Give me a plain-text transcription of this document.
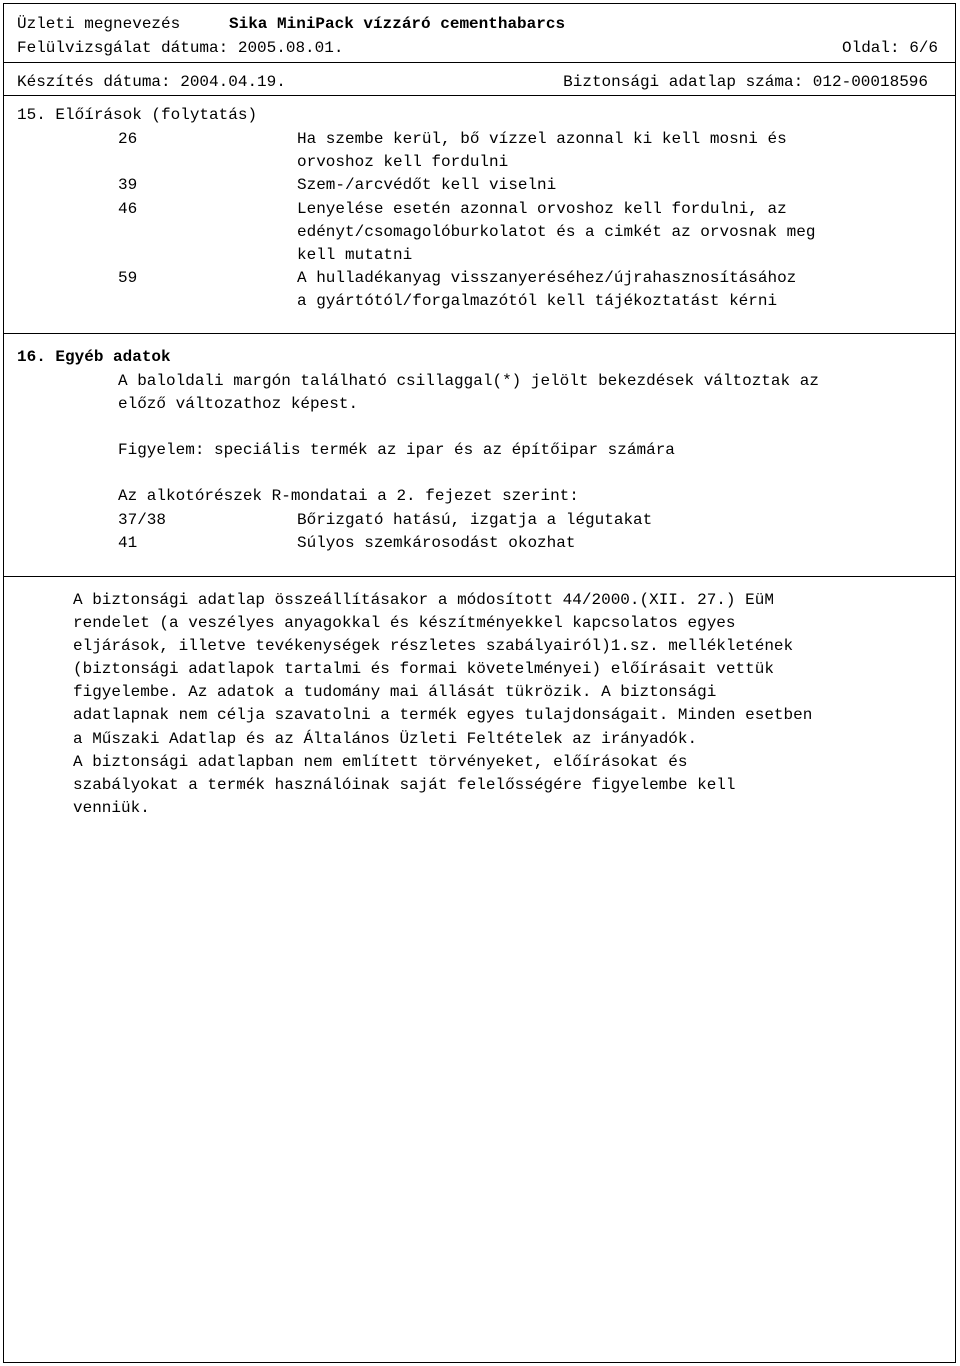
Üzleti megnevezés	Sika MiniPack vízzáró cementhabarcs
Felülvizsgálat dátuma: 2005.08.01.	Oldal: 6/6
Készítés dátuma: 2004.04.19.	Biztonsági adatlap száma: 012-00018596
15. Előírások (folytatás)
26	Ha szembe kerül, bő vízzel azonnal ki kell mosni és
orvoshoz kell fordulni
39	Szem-/arcvédőt kell viselni
46	Lenyelése esetén azonnal orvoshoz kell fordulni, az
edényt/csomagolóburkolatot és a cimkét az orvosnak meg
kell mutatni
59	A hulladékanyag visszanyeréséhez/újrahasznosításához
a gyártótól/forgalmazótól kell tájékoztatást kérni
16. Egyéb adatok
A baloldali margón található csillaggal(*) jelölt bekezdések változtak az
előző változathoz képest.
Figyelem: speciális termék az ipar és az építőipar számára
Az alkotórészek R-mondatai a 2. fejezet szerint:
37/38	Bőrizgató hatású, izgatja a légutakat
41	Súlyos szemkárosodást okozhat
A biztonsági adatlap összeállításakor a módosított 44/2000.(XII. 27.) EüM
rendelet (a veszélyes anyagokkal és készítményekkel kapcsolatos egyes
eljárások, illetve tevékenységek részletes szabályairól)1.sz. mellékletének
(biztonsági adatlapok tartalmi és formai követelményei) előírásait vettük
figyelembe. Az adatok a tudomány mai állását tükrözik. A biztonsági
adatlapnak nem célja szavatolni a termék egyes tulajdonságait. Minden esetben
a Műszaki Adatlap és az Általános Üzleti Feltételek az irányadók.
A biztonsági adatlapban nem említett törvényeket, előírásokat és
szabályokat a termék használóinak saját felelősségére figyelembe kell
venniük.
